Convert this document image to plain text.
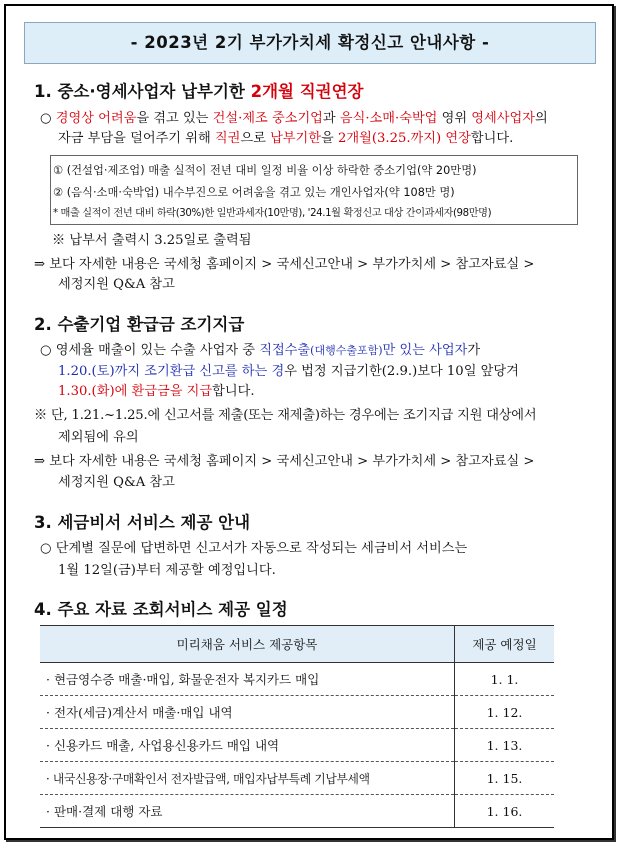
- 2023년 2기 부가가치세 확정신고 안내사항 -
1. 중소·영세사업자 납부기한 2개월 직권연장
○ 경영상 어려움을 겪고 있는 건설·제조 중소기업과 음식·소매·숙박업 영위 영세사업자의
자금 부담을 덜어주기 위해 직권으로 납부기한을 2개월(3.25.까지) 연장합니다.
① (건설업·제조업) 매출 실적이 전년 대비 일정 비율 이상 하락한 중소기업(약 20만명)
② (음식·소매·숙박업) 내수부진으로 어려움을 겪고 있는 개인사업자(약 108만 명)
* 매출 실적이 전년 대비 하락(30%)한 일반과세자(10만명), '24.1월 확정신고 대상 간이과세자(98만명)
※ 납부서 출력시 3.25일로 출력됨
⇒ 보다 자세한 내용은 국세청 홈페이지 > 국세신고안내 > 부가가치세 > 참고자료실 >
세정지원 Q&A 참고
2. 수출기업 환급금 조기지급
○ 영세율 매출이 있는 수출 사업자 중 직접수출(대행수출포함)만 있는 사업자가
1.20.(토)까지 조기환급 신고를 하는 경우 법정 지급기한(2.9.)보다 10일 앞당겨
1.30.(화)에 환급금을 지급합니다.
※ 단, 1.21.~1.25.에 신고서를 제출(또는 재제출)하는 경우에는 조기지급 지원 대상에서
제외됨에 유의
⇒ 보다 자세한 내용은 국세청 홈페이지 > 국세신고안내 > 부가가치세 > 참고자료실 >
세정지원 Q&A 참고
3. 세금비서 서비스 제공 안내
○ 단계별 질문에 답변하면 신고서가 자동으로 작성되는 세금비서 서비스는
1월 12일(금)부터 제공할 예정입니다.
4. 주요 자료 조회서비스 제공 일정
미리채움 서비스 제공항목	제공 예정일
· 현금영수증 매출·매입, 화물운전자 복지카드 매입	1. 1.
· 전자(세금)계산서 매출·매입 내역	1. 12.
· 신용카드 매출, 사업용신용카드 매입 내역	1. 13.
· 내국신용장·구매확인서 전자발급액, 매입자납부특례 기납부세액	1. 15.
· 판매·결제 대행 자료	1. 16.
